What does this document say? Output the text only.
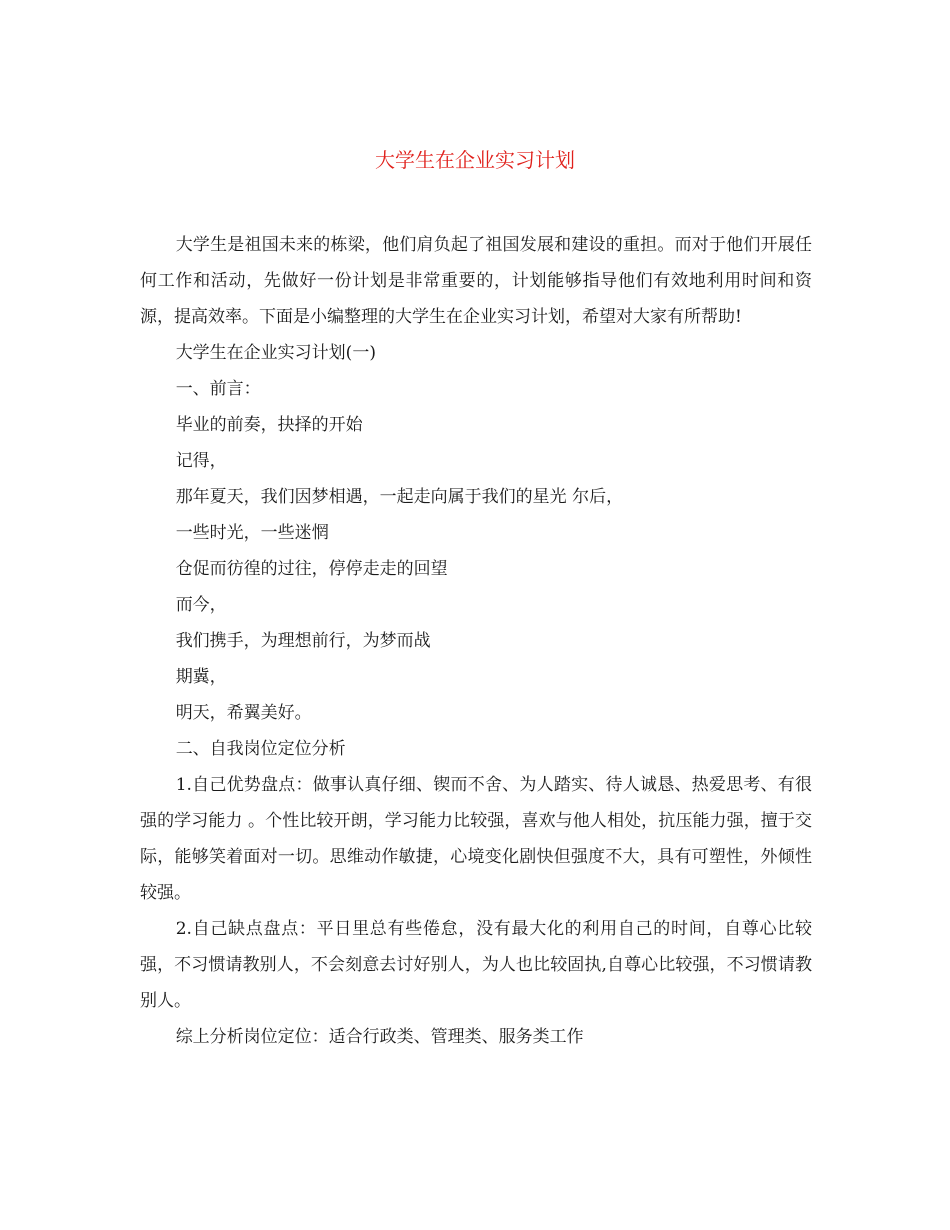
大学生在企业实习计划

大学生是祖国未来的栋梁，他们肩负起了祖国发展和建设的重担。而对于他们开展任何工作和活动，先做好一份计划是非常重要的，计划能够指导他们有效地利用时间和资源，提高效率。下面是小编整理的大学生在企业实习计划，希望对大家有所帮助!

大学生在企业实习计划(一)

一、前言：

毕业的前奏，抉择的开始

记得，

那年夏天，我们因梦相遇，一起走向属于我们的星光 尔后，

一些时光，一些迷惘

仓促而彷徨的过往，停停走走的回望

而今，

我们携手，为理想前行，为梦而战

期冀，

明天，希翼美好。

二、自我岗位定位分析

1.自己优势盘点：做事认真仔细、锲而不舍、为人踏实、待人诚恳、热爱思考、有很强的学习能力 。个性比较开朗，学习能力比较强，喜欢与他人相处，抗压能力强，擅于交际，能够笑着面对一切。思维动作敏捷，心境变化剧快但强度不大，具有可塑性，外倾性较强。

2.自己缺点盘点：平日里总有些倦怠，没有最大化的利用自己的时间，自尊心比较强，不习惯请教别人，不会刻意去讨好别人，为人也比较固执,自尊心比较强，不习惯请教别人。

综上分析岗位定位：适合行政类、管理类、服务类工作
